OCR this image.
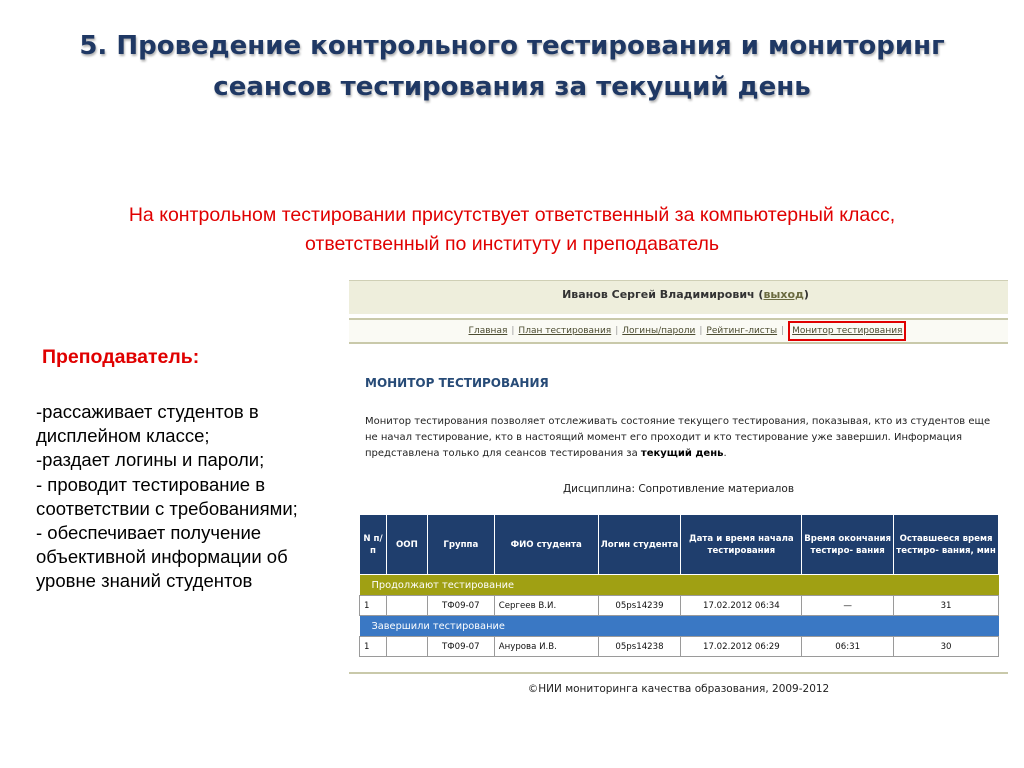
5. Проведение контрольного тестирования и мониторинг сеансов тестирования за текущий день
На контрольном тестировании присутствует ответственный за компьютерный класс, ответственный по институту и преподаватель
Преподаватель:
-рассаживает студентов в дисплейном классе;
-раздает логины и пароли;
- проводит тестирование в соответствии с требованиями;
- обеспечивает получение объективной информации об уровне знаний студентов
Иванов Сергей Владимирович (выход)
Главная | План тестирования | Логины/пароли | Рейтинг-листы | Монитор тестирования
МОНИТОР ТЕСТИРОВАНИЯ
Монитор тестирования позволяет отслеживать состояние текущего тестирования, показывая, кто из студентов еще не начал тестирование, кто в настоящий момент его проходит и кто тестирование уже завершил. Информация представлена только для сеансов тестирования за текущий день.
Дисциплина: Сопротивление материалов
N п/п	ООП	Группа	ФИО студента	Логин студента	Дата и время начала тестирования	Время окончания тестиро- вания	Оставшееся время тестиро- вания, мин
Продолжают тестирование							
1		ТФ09-07	Сергеев В.И.	05ps14239	17.02.2012 06:34	—	31
Завершили тестирование							
1		ТФ09-07	Анурова И.В.	05ps14238	17.02.2012 06:29	06:31	30
©НИИ мониторинга качества образования, 2009-2012
